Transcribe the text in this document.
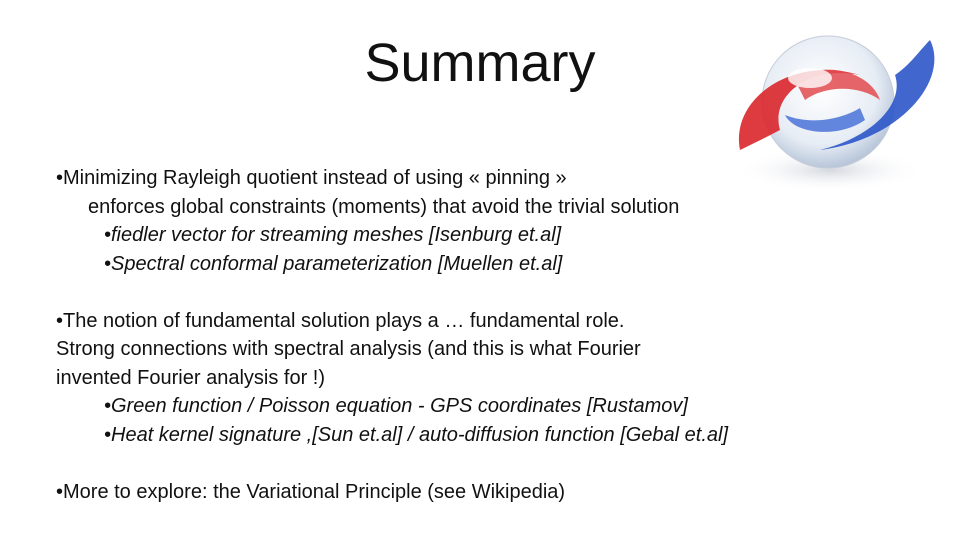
Summary
•Minimizing Rayleigh quotient instead of using « pinning »
enforces global constraints (moments) that avoid the trivial solution
•fiedler vector for streaming meshes [Isenburg et.al]
•Spectral conformal parameterization [Muellen et.al]
•The notion of fundamental solution plays a … fundamental role.
Strong connections with spectral analysis (and this is what Fourier
invented Fourier analysis for !)
•Green function / Poisson equation - GPS coordinates [Rustamov]
•Heat kernel signature ,[Sun et.al] / auto-diffusion function [Gebal et.al]
•More to explore: the Variational Principle (see Wikipedia)
